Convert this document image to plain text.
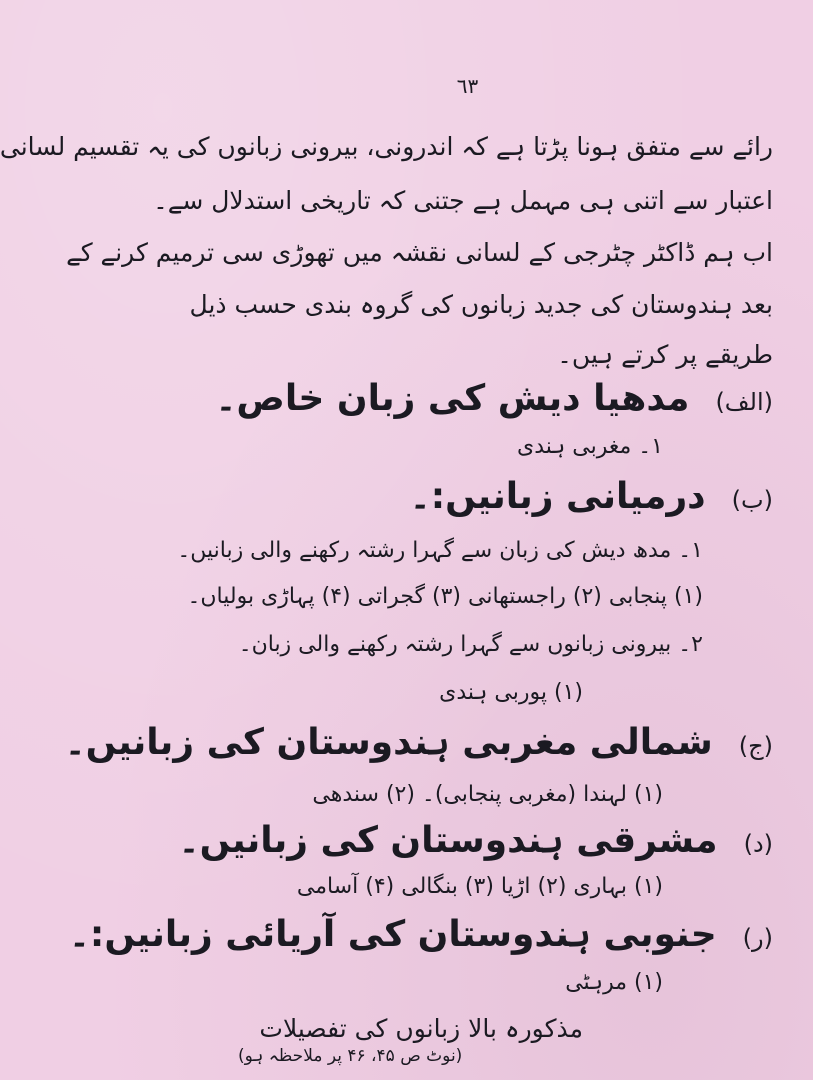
٦٣
رائے سے متفق ہونا پڑتا ہے کہ اندرونی، بیرونی زبانوں کی یہ تقسیم لسانی
اعتبار سے اتنی ہی مہمل ہے جتنی کہ تاریخی استدلال سے۔
اب ہم ڈاکٹر چٹرجی کے لسانی نقشہ میں تھوڑی سی ترمیم کرنے کے
بعد ہندوستان کی جدید زبانوں کی گروہ بندی حسب ذیل
طریقے پر کرتے ہیں۔
(الف)مدھیا دیش کی زبان خاص۔
۱۔ مغربی ہندی
(ب)درمیانی زبانیں:۔
۱۔ مدھ دیش کی زبان سے گہرا رشتہ رکھنے والی زبانیں۔
(۱) پنجابی (۲) راجستھانی (۳) گجراتی (۴) پہاڑی بولیاں۔
۲۔ بیرونی زبانوں سے گہرا رشتہ رکھنے والی زبان۔
(۱) پوربی ہندی
(ج)شمالی مغربی ہندوستان کی زبانیں۔
(۱) لہندا (مغربی پنجابی)۔ (۲) سندھی
(د)مشرقی ہندوستان کی زبانیں۔
(۱) بہاری (۲) اڑیا (۳) بنگالی (۴) آسامی
(ر)جنوبی ہندوستان کی آریائی زبانیں:۔
(۱) مرہٹی
مذکورہ بالا زبانوں کی تفصیلات
(نوٹ ص ۴۵، ۴۶ پر ملاحظہ ہو)
